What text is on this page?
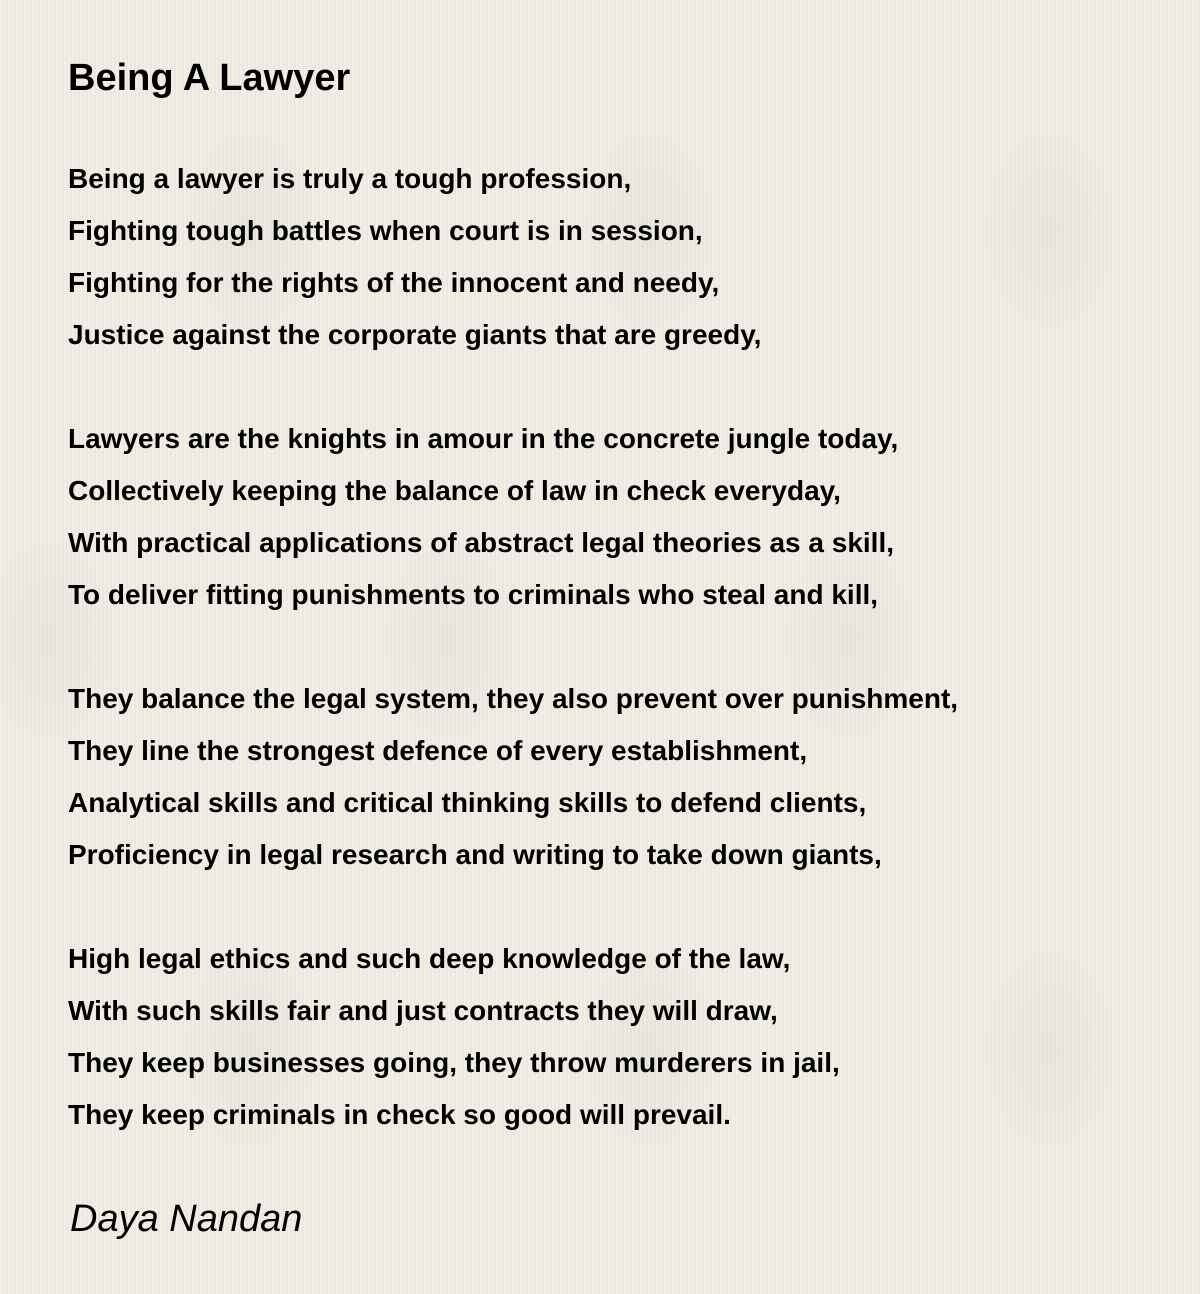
Being A Lawyer
Being a lawyer is truly a tough profession,
Fighting tough battles when court is in session,
Fighting for the rights of the innocent and needy,
Justice against the corporate giants that are greedy,
Lawyers are the knights in amour in the concrete jungle today,
Collectively keeping the balance of law in check everyday,
With practical applications of abstract legal theories as a skill,
To deliver fitting punishments to criminals who steal and kill,
They balance the legal system, they also prevent over punishment,
They line the strongest defence of every establishment,
Analytical skills and critical thinking skills to defend clients,
Proficiency in legal research and writing to take down giants,
High legal ethics and such deep knowledge of the law,
With such skills fair and just contracts they will draw,
They keep businesses going, they throw murderers in jail,
They keep criminals in check so good will prevail.
Daya Nandan
